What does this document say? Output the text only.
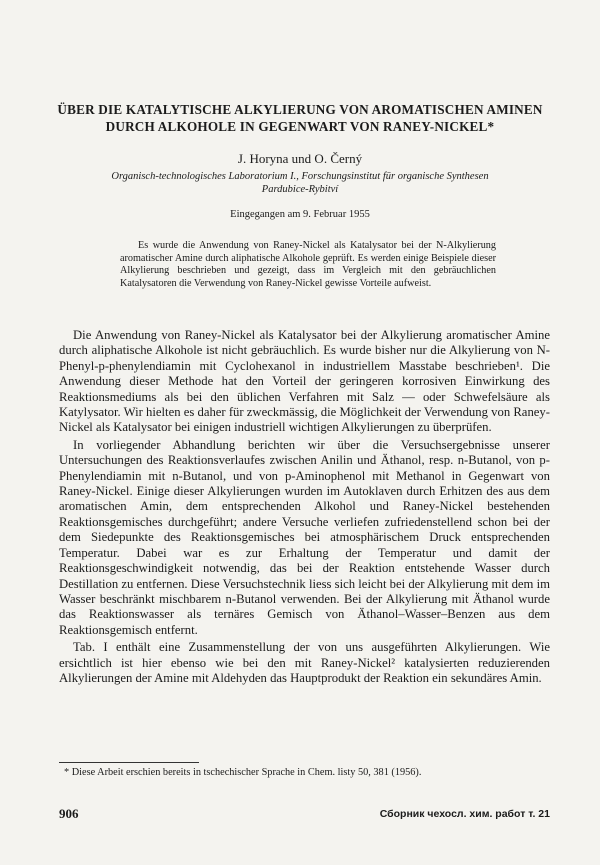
ÜBER DIE KATALYTISCHE ALKYLIERUNG VON AROMATISCHEN AMINEN DURCH ALKOHOLE IN GEGENWART VON RANEY-NICKEL*
J. Horyna und O. Černý
Organisch-technologisches Laboratorium I., Forschungsinstitut für organische Synthesen Pardubice-Rybitví
Eingegangen am 9. Februar 1955
Es wurde die Anwendung von Raney-Nickel als Katalysator bei der N-Alkylierung aromatischer Amine durch aliphatische Alkohole geprüft. Es werden einige Beispiele dieser Alkylierung beschrieben und gezeigt, dass im Vergleich mit den gebräuchlichen Katalysatoren die Verwendung von Raney-Nickel gewisse Vorteile aufweist.

Die Anwendung von Raney-Nickel als Katalysator bei der Alkylierung aromatischer Amine durch aliphatische Alkohole ist nicht gebräuchlich. Es wurde bisher nur die Alkylierung von N-Phenyl-p-phenylendiamin mit Cyclohexanol in industriellem Masstabe beschrieben¹. Die Anwendung dieser Methode hat den Vorteil der geringeren korrosiven Einwirkung des Reaktionsmediums als bei den üblichen Verfahren mit Salz — oder Schwefelsäure als Katylysator. Wir hielten es daher für zweckmässig, die Möglichkeit der Verwendung von Raney-Nickel als Katalysator bei einigen industriell wichtigen Alkylierungen zu überprüfen.

In vorliegender Abhandlung berichten wir über die Versuchsergebnisse unserer Untersuchungen des Reaktionsverlaufes zwischen Anilin und Äthanol, resp. n-Butanol, von p-Phenylendiamin mit n-Butanol, und von p-Aminophenol mit Methanol in Gegenwart von Raney-Nickel. Einige dieser Alkylierungen wurden im Autoklaven durch Erhitzen des aus dem aromatischen Amin, dem entsprechenden Alkohol und Raney-Nickel bestehenden Reaktionsgemisches durchgeführt; andere Versuche verliefen zufriedenstellend schon bei der dem Siedepunkte des Reaktionsgemisches bei atmosphärischem Druck entsprechenden Temperatur. Dabei war es zur Erhaltung der Temperatur und damit der Reaktionsgeschwindigkeit notwendig, das bei der Reaktion entstehende Wasser durch Destillation zu entfernen. Diese Versuchstechnik liess sich leicht bei der Alkylierung mit dem im Wasser beschränkt mischbarem n-Butanol verwenden. Bei der Alkylierung mit Äthanol wurde das Reaktionswasser als ternäres Gemisch von Äthanol–Wasser–Benzen aus dem Reaktionsgemisch entfernt.

Tab. I enthält eine Zusammenstellung der von uns ausgeführten Alkylierungen. Wie ersichtlich ist hier ebenso wie bei den mit Raney-Nickel² katalysierten reduzierenden Alkylierungen der Amine mit Aldehyden das Hauptprodukt der Reaktion ein sekundäres Amin.

* Diese Arbeit erschien bereits in tschechischer Sprache in Chem. listy 50, 381 (1956).
906	Сборник чехосл. хим. работ т. 21
